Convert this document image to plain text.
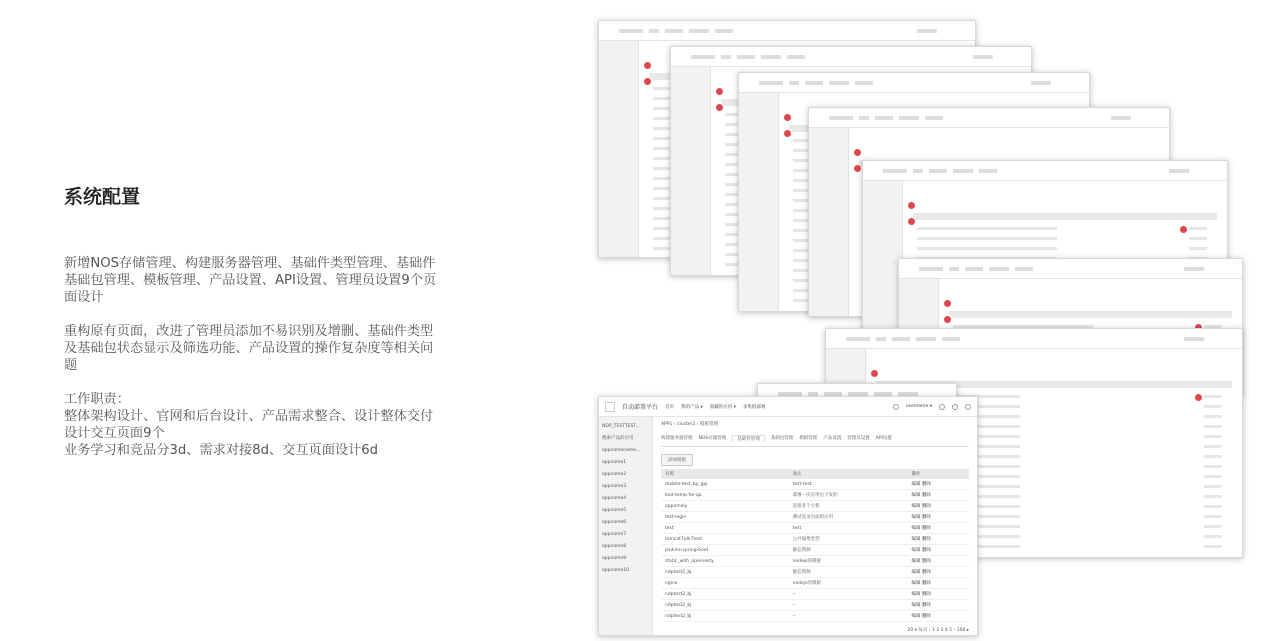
系统配置
新增NOS存储管理、构建服务器管理、基础件类型管理、基础件
基础包管理、模板管理、产品设置、API设置、管理员设置9个页
面设计
重构原有页面，改进了管理员添加不易识别及增删、基础件类型
及基础包状态显示及筛选功能、产品设置的操作复杂度等相关问
题
工作职责：
整体架构设计、官网和后台设计、产品需求整合、设计整体交付
设计交互页面9个
业务学习和竞品分3d、需求对接8d、交互页面设计6d
自动部署平台 首页 我的产品 ▾ 收藏的应用 ▾ 多集群部署	username ▾
NDP_TESTTEST...
搜索产品的应用
appnamename...
appname1
appname2
appname3
appname4
appname5
appname6
appname7
appname8
appname9
appname10
APP1 › cluster2 › 模板管理
构建服务器管理 NOS存储管理	基础件管理	基础包管理 模板管理 产品设置 管理员设置 API设置
添加模板
名称	备注	操作
mobile-test_by_gpj	test-test	编辑 删除
bad-temp-for-qa	部署一次应用后下发的	编辑 删除
oppomoly	连接多个主机	编辑 删除
test-login	测试登录页面的应用	编辑 删除
test	test	编辑 删除
tomcat7jdk7test	公共镜像类型	编辑 删除
jenkins-spring-boot	静态资源	编辑 删除
static_with_openresty	nodejs的模板	编辑 删除
ndptest2_bj	静态资源	编辑 删除
nginx	nodejs的模板	编辑 删除
ndptest2_bj	--	编辑 删除
ndptest2_bj	--	编辑 删除
ndptest2_bj	--	编辑 删除
20 ▾ 每页 ‹ 1 2 3 4 5 › 100 ▸
